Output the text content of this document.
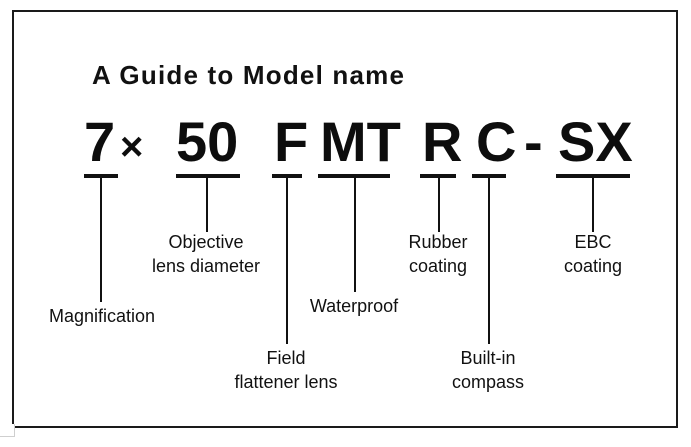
A Guide to Model name
7 × 50 F MT R C - SX
Magnification
Objective
lens diameter
Field
flattener lens
Waterproof
Rubber
coating
Built-in
compass
EBC
coating
